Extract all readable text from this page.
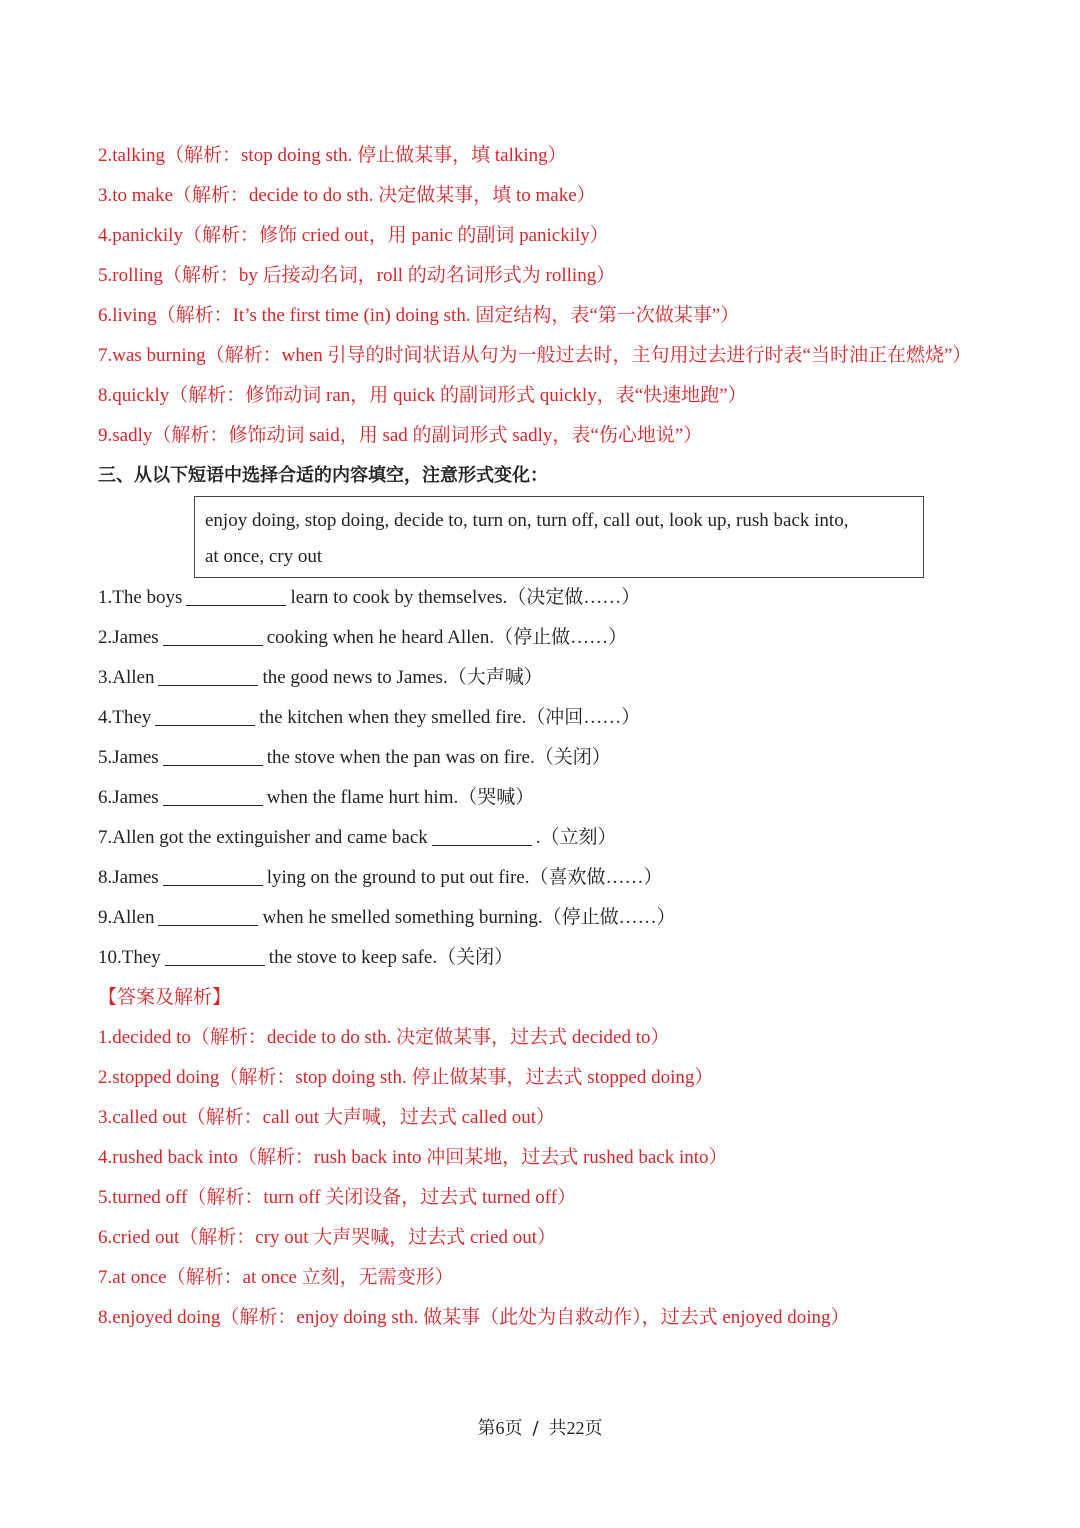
2.talking（解析：stop doing sth. 停止做某事，填 talking）
3.to make（解析：decide to do sth. 决定做某事，填 to make）
4.panickily（解析：修饰 cried out，用 panic 的副词 panickily）
5.rolling（解析：by 后接动名词，roll 的动名词形式为 rolling）
6.living（解析：It’s the first time (in) doing sth. 固定结构，表“第一次做某事”）
7.was burning（解析：when 引导的时间状语从句为一般过去时，主句用过去进行时表“当时油正在燃烧”）
8.quickly（解析：修饰动词 ran，用 quick 的副词形式 quickly，表“快速地跑”）
9.sadly（解析：修饰动词 said，用 sad 的副词形式 sadly，表“伤心地说”）
三、从以下短语中选择合适的内容填空，注意形式变化：
enjoy doing, stop doing, decide to, turn on, turn off, call out, look up, rush back into,
at once, cry out
1.The boys	learn to cook by themselves.（决定做……）
2.James	cooking when he heard Allen.（停止做……）
3.Allen	the good news to James.（大声喊）
4.They	the kitchen when they smelled fire.（冲回……）
5.James	the stove when the pan was on fire.（关闭）
6.James	when the flame hurt him.（哭喊）
7.Allen got the extinguisher and came back	.（立刻）
8.James	lying on the ground to put out fire.（喜欢做……）
9.Allen	when he smelled something burning.（停止做……）
10.They	the stove to keep safe.（关闭）
【答案及解析】
1.decided to（解析：decide to do sth. 决定做某事，过去式 decided to）
2.stopped doing（解析：stop doing sth. 停止做某事，过去式 stopped doing）
3.called out（解析：call out 大声喊，过去式 called out）
4.rushed back into（解析：rush back into 冲回某地，过去式 rushed back into）
5.turned off（解析：turn off 关闭设备，过去式 turned off）
6.cried out（解析：cry out 大声哭喊，过去式 cried out）
7.at once（解析：at once 立刻，无需变形）
8.enjoyed doing（解析：enjoy doing sth. 做某事（此处为自救动作），过去式 enjoyed doing）
第6页 / 共22页
